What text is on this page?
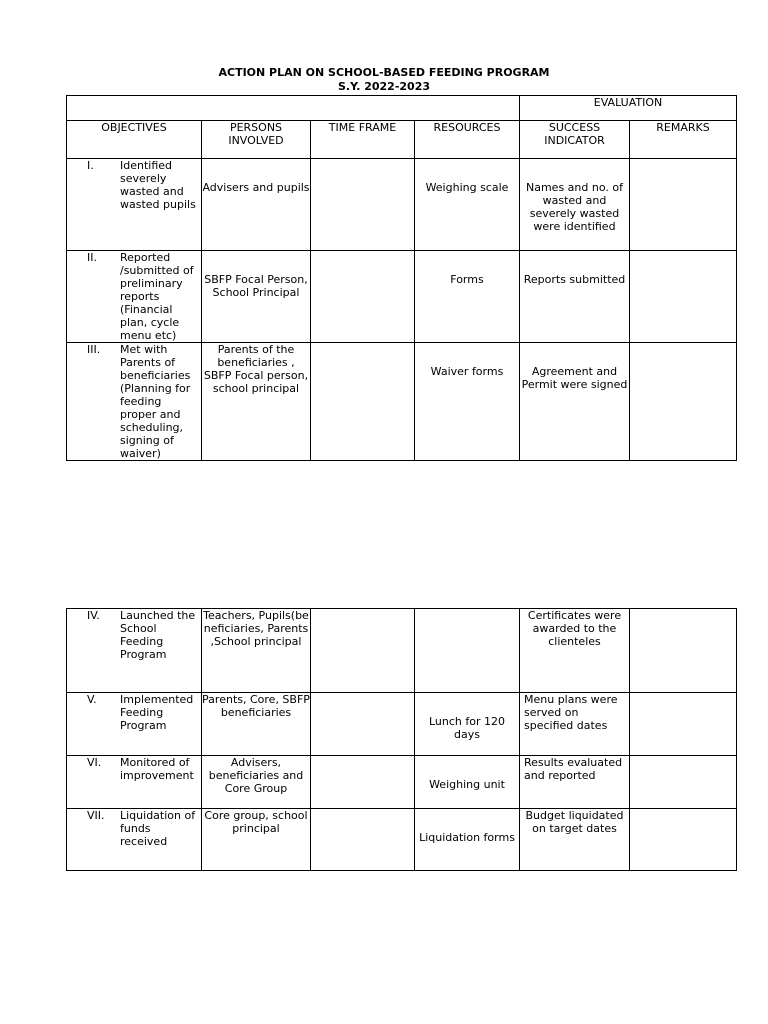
ACTION PLAN ON SCHOOL-BASED FEEDING PROGRAM
S.Y. 2022-2023
				EVALUATION	
OBJECTIVES	PERSONS INVOLVED	TIME FRAME	RESOURCES	SUCCESS INDICATOR	REMARKS

I. Identified severely wasted and wasted pupils	Advisers and pupils		Weighing scale	Names and no. of wasted and severely wasted were identified	

II. Reported /submitted of preliminary reports (Financial plan, cycle menu etc)	SBFP Focal Person, School Principal		Forms	Reports submitted	

III. Met with Parents of beneficiaries (Planning for feeding proper and scheduling, signing of waiver)	Parents of the beneficiaries , SBFP Focal person, school principal		Waiver forms	Agreement and Permit were signed	
IV. Launched the School Feeding Program	Teachers, Pupils(beneficiaries, Parents ,School principal			Certificates were awarded to the clienteles	

V. Implemented Feeding Program	Parents, Core, SBFP beneficiaries		Lunch for 120 days	Menu plans were served on specified dates	

VI. Monitored of improvement	Advisers, beneficiaries and Core Group		Weighing unit	Results evaluated and reported	

VII. Liquidation of funds received	Core group, school principal		Liquidation forms	Budget liquidated on target dates	
